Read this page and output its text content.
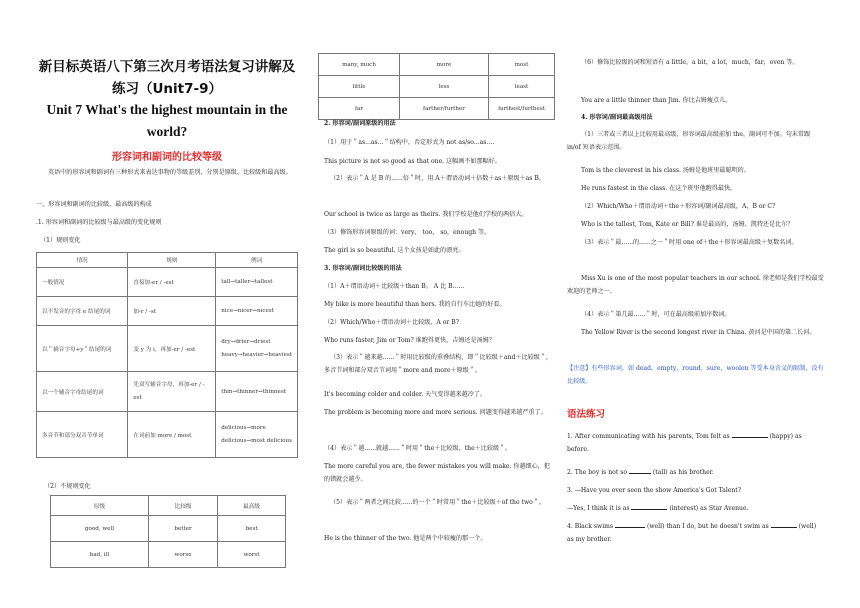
新目标英语八下第三次月考语法复习讲解及
练习（Unit7-9）
Unit 7 What's the highest mountain in the
world?
形容词和副词的比较等级
英语中的形容词和副词有三种形式来表达事物的等级差别，分别是原级、比较级和最高级。
一、形容词和副词的比较级、最高级的构成
.1. 形容词和副词的比较级与最高级的变化规则
（1）规则变化
情况	规则	例词
一般情况	直接加-er / -est	tall→taller→tallest
以不发音的字母 e 结尾的词	加-r / -st	nice→nicer→nicest
以＂辅音字母+y＂结尾的词	变 y 为 i，再加-er / -est	dry→drier→driest
heavy→heavier→heaviest

以一个辅音字母结尾的词	先双写辅音字母，再加-er / -est	thin→thinner→thinnest
多音节和部分双音节单词	在词前加 more / most	delicious→more
delicious→most delicious
（2）不规则变化
原级	比较级	最高级
good, well	better	best
bad, ill	worse	worst
many, much	more	most
little	less	least
far	farther/further	farthest/furthest
2. 形容词/副词原级的用法
（1）用于＂as...as...＂结构中，否定形式为 not as/so...as....
This picture is not so good as that one. 这幅画不如那幅好。
（2）表示＂A 是 B 的......倍＂时，用 A＋谓语动词＋倍数＋as＋原级＋as B。
Our school is twice as large as theirs. 我们学校是他们学校的两倍大。
（3）修饰形容词原级的词：very， too， so，enough 等。
The girl is so beautiful. 这个女孩是如此的漂亮。
3. 形容词/副词比较级的用法
（1）A＋谓语动词＋比较级＋than B。 A 比 B......
My bike is more beautiful than hers. 我的自行车比她的好看。
（2）Which/Who＋谓语动词＋比较级，A or B?
Who runs faster, Jim or Tom? 谁跑得更快，吉姆还是汤姆？
（3）表示＂越来越......＂时用比较级的重叠结构，即＂比较级＋and＋比较级＂，多音节词和部分双音节词用＂more and more＋原级＂。
It's becoming colder and colder. 天气变得越来越冷了。
The problem is becoming more and more serious. 问题变得越来越严重了。
（4）表示＂越......就越......＂时用＂the＋比较级，the＋比较级＂。
The more careful you are, the fewer mistakes you will make. 你越细心，犯的错就会越少。
（5）表示＂两者之间比较......的一个＂时常用＂the＋比较级＋of the two＂。
He is the thinner of the two. 他是两个中较瘦的那一个。
（6）修饰比较级的词和短语有 a little，a bit，a lot，much，far，even 等。
You are a little thinner than Jim. 你比吉姆瘦点儿。
4. 形容词/副词最高级用法
（1）三者或三者以上比较用最高级，形容词最高级前加 the，副词可不加。句末常跟 in/of 短语表示范围。
Tom is the cleverest in his class. 汤姆是他班里最聪明的。
He runs fastest in the class. 在这个班里他跑得最快。
（2）Which/Who＋谓语动词＋the＋形容词/副词最高级，A，B or C?
Who is the tallest, Tom, Kate or Bill? 谁是最高的，汤姆、凯特还是比尔？
（3）表示＂最......的......之一＂时用 one of＋the＋形容词最高级＋复数名词。
Miss Xu is one of the most popular teachers in our school. 徐老师是我们学校最受欢迎的老师之一。
（4）表示＂第几最......＂时，可在最高级前加序数词。
The Yellow River is the second longest river in China. 黄河是中国的第二长河。
【注意】有些形容词，如 dead，empty，round，sure，woolen 等受本身含义的限制，没有比较级。
语法练习
1. After communicating with his parents, Tom felt as	(happy) as before.
2. The boy is not so	(tall) as his brother.
3. —Have you ever seen the show America's Got Talent?
—Yes, I think it is as	(interest) as Star Avenue.
4. Black swims	(well) than I do, but he doesn't swim as	(well) as my brother.
